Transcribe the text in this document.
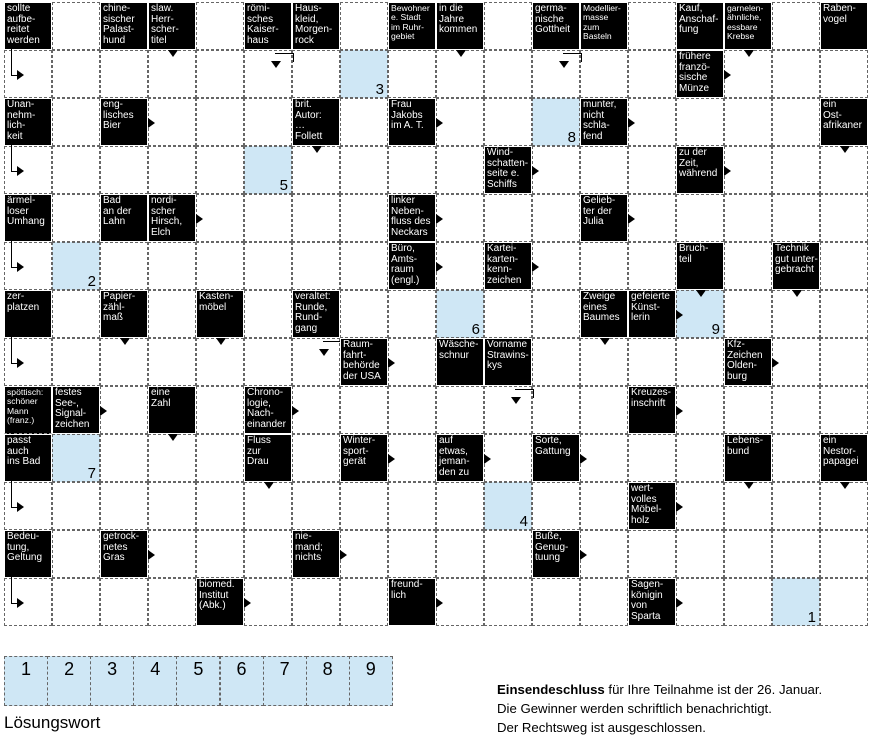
sollte
aufbe-
reitet
werden
chine-
sischer
Palast-
hund
slaw.
Herr-
scher-
titel
römi-
sches
Kaiser-
haus
Haus-
kleid,
Morgen-
rock
Bewohner
e. Stadt
im Ruhr-
gebiet
in die
Jahre
kommen
germa-
nische
Gottheit
Modellier-
masse
zum
Basteln
Kauf,
Anschaf-
fung
garnelen-
ähnliche,
essbare
Krebse
Raben-
vogel
3
frühere
franzö-
sische
Münze
Unan-
nehm-
lich-
keit
eng-
lisches
Bier
brit.
Autor:
…
Follett
Frau
Jakobs
im A. T.
8
munter,
nicht
schla-
fend
ein
Ost-
afrikaner
5
Wind-
schatten-
seite e.
Schiffs
zu der
Zeit,
während
ärmel-
loser
Umhang
Bad
an der
Lahn
nordi-
scher
Hirsch,
Elch
linker
Neben-
fluss des
Neckars
Gelieb-
ter der
Julia
2
Büro,
Amts-
raum
(engl.)
Kartei-
karten-
kenn-
zeichen
Bruch-
teil
Technik
gut unter-
gebracht
zer-
platzen
Papier-
zähl-
maß
Kasten-
möbel
veraltet:
Runde,
Rund-
gang	6
Zweige
eines
Baumes
gefeierte
Künst-
lerin
9
Raum-
fahrt-
behörde
der USA
Wäsche-
schnur
Vorname
Strawins-
kys
Kfz-
Zeichen
Olden-
burg
spöttisch:
schöner
Mann
(franz.)
festes
See-,
Signal-
zeichen
eine
Zahl
Chrono-
logie,
Nach-
einander
Kreuzes-
inschrift
passt
auch
ins Bad
7
Fluss
zur
Drau
Winter-
sport-
gerät
auf
etwas,
jeman-
den zu
Sorte,
Gattung
Lebens-
bund
ein
Nestor-
papagei
4
wert-
volles
Möbel-
holz
Bedeu-
tung,
Geltung
getrock-
netes
Gras
nie-
mand;
nichts
Buße,
Genug-
tuung
biomed.
Institut
(Abk.)
freund-
lich
Sagen-
königin
von
Sparta	1
1	2	3	4	5	6	7	8	9
Lösungswort
Einsendeschluss für Ihre Teilnahme ist der 26. Januar.
Die Gewinner werden schriftlich benachrichtigt.
Der Rechtsweg ist ausgeschlossen.
